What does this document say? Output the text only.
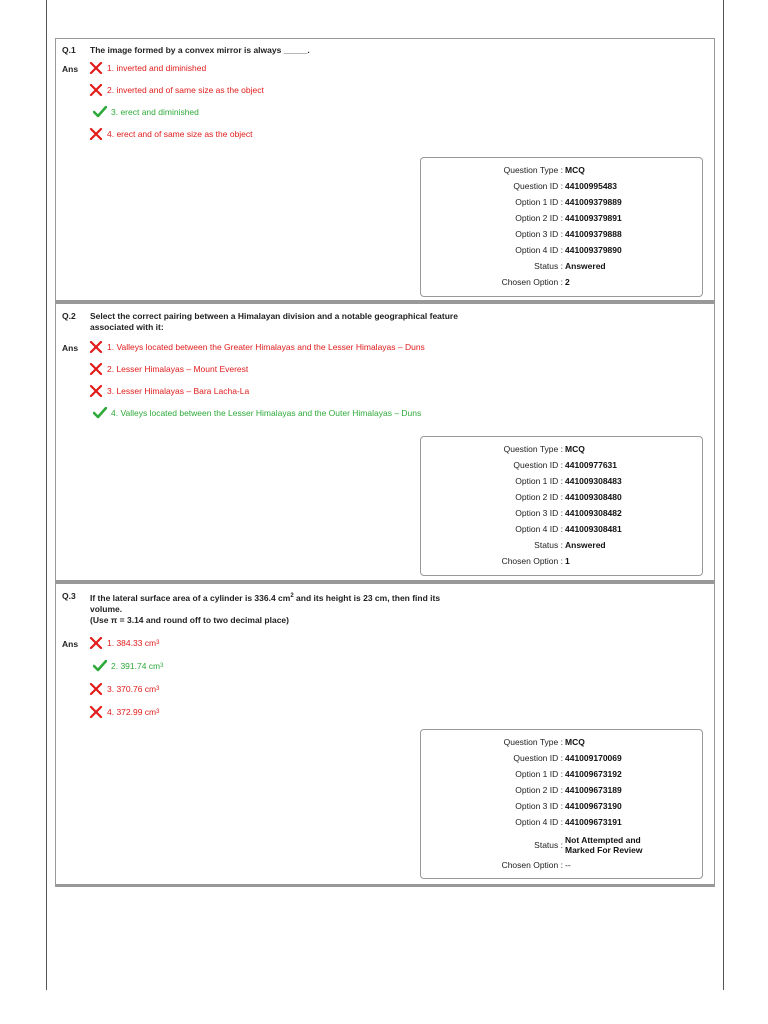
Q.1	The image formed by a convex mirror is always _____.
Ans	1. inverted and diminished
2. inverted and of same size as the object
3. erect and diminished
4. erect and of same size as the object
Question Type : MCQ
Question ID : 44100995483
Option 1 ID : 441009379889
Option 2 ID : 441009379891
Option 3 ID : 441009379888
Option 4 ID : 441009379890
Status : Answered
Chosen Option : 2
Q.2	Select the correct pairing between a Himalayan division and a notable geographical feature
associated with it:
Ans	1. Valleys located between the Greater Himalayas and the Lesser Himalayas – Duns
2. Lesser Himalayas – Mount Everest
3. Lesser Himalayas – Bara Lacha-La
4. Valleys located between the Lesser Himalayas and the Outer Himalayas – Duns
Question Type : MCQ
Question ID : 44100977631
Option 1 ID : 441009308483
Option 2 ID : 441009308480
Option 3 ID : 441009308482
Option 4 ID : 441009308481
Status : Answered
Chosen Option : 1
Q.3	If the lateral surface area of a cylinder is 336.4 $cm^2$ and its height is 23 cm, then find its
volume.
(Use π = 3.14 and round off to two decimal place)
Ans	1. 384.33 cm 3
2. 391.74 cm 3
3. 370.76 cm 3
4. 372.99 cm 3
Question Type : MCQ
Question ID : 441009170069
Option 1 ID : 441009673192
Option 2 ID : 441009673189
Option 3 ID : 441009673190
Option 4 ID : 441009673191
Status : Not Attempted and Marked For Review
Chosen Option : --
